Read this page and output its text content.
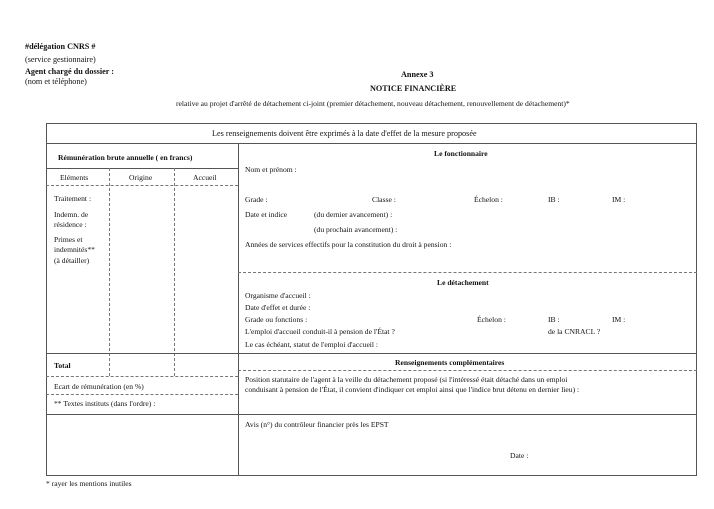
#délégation CNRS #
(service gestionnaire)
Agent chargé du dossier :
(nom et téléphone)
Annexe 3
NOTICE FINANCIÈRE
relative au projet d'arrêté de détachement ci-joint (premier détachement, nouveau détachement, renouvellement de détachement)*
Les renseignements doivent être exprimés à la date d'effet de la mesure proposée
Rémunération brute annuelle ( en francs)
Eléments	Origine	Accueil
Traitement :
Indemn. de
résidence :
Primes et
indemnités**
(à détailler)
Total
Ecart de rémunération (en %)
** Textes instituts (dans l'ordre) :
Le fonctionnaire
Nom et prénom :
Grade :	Classe :	Échelon :	IB :	IM :
Date et indice	(du dernier avancement) :
(du prochain avancement) :
Années de services effectifs pour la constitution du droit à pension :
Le détachement
Organisme d'accueil :
Date d'effet et durée :
Grade ou fonctions :	Échelon :	IB :	IM :
L'emploi d'accueil conduit-il à pension de l'État ?	de la CNRACL ?
Le cas échéant, statut de l'emploi d'accueil :
Renseignements complémentaires
Position statutaire de l'agent à la veille du détachement proposé (si l'intéressé était détaché dans un emploi
conduisant à pension de l'État, il convient d'indiquer cet emploi ainsi que l'indice brut détenu en dernier lieu) :
Avis (n°) du contrôleur financier près les EPST
Date :
* rayer les mentions inutiles
